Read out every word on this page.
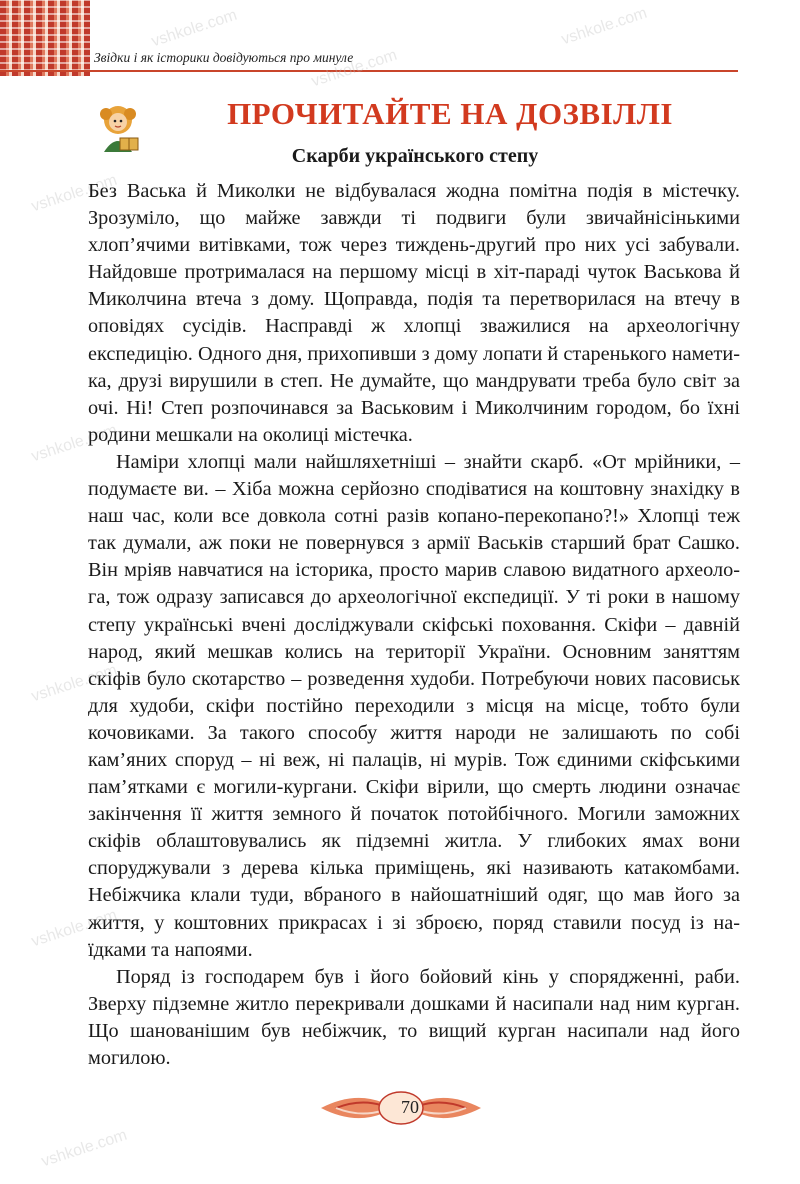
Звідки і як історики довідуються про минуле
vshkole.com	vshkole.com
vshkole.com
vshkole.com
vshkole.com
vshkole.com
vshkole.com
vshkole.com
ПРОЧИТАЙТЕ НА ДОЗВІЛЛІ
Скарби українського степу

Без Васька й Миколки не відбувалася жодна помітна подія в містечку. Зрозуміло, що майже завжди ті подвиги були звичайнісінькими хлоп’ячими витівками, тож через тиждень-другий про них усі забували. Найдовше протрималася на першому місці в хіт-параді чуток Васькова й Миколчина втеча з дому. Щоправда, подія та перетворилася на втечу в оповідях сусідів. Насправді ж хлопці зважилися на археологічну експедицію. Одного дня, прихопивши з дому лопати й старенького наметика, друзі вирушили в степ. Не думайте, що мандрувати треба було світ за очі. Ні! Степ розпочинався за Васьковим і Миколчиним городом, бо їхні родини мешкали на околиці містечка.

Наміри хлопці мали найшляхетніші – знайти скарб. «От мрійники, – подумаєте ви. – Хіба можна серйозно сподіватися на коштовну знахідку в наш час, коли все довкола сотні разів копано-перекопано?!» Хлопці теж так думали, аж поки не повернувся з армії Васьків старший брат Сашко. Він мріяв навчатися на історика, просто марив славою видатного археолога, тож одразу записався до археологічної експедиції. У ті роки в нашому степу українські вчені досліджували скіфські поховання. Скіфи – давній народ, який мешкав колись на території України. Основним заняттям скіфів було скотарство – розведення худоби. Потребуючи нових пасовиськ для худоби, скіфи постійно переходили з місця на місце, тобто були кочовиками. За такого способу життя народи не залишають по собі кам’яних споруд – ні веж, ні палаців, ні мурів. Тож єдиними скіфськими пам’ятками є могили-кургани. Скіфи вірили, що смерть людини означає закінчення її життя земного й початок потойбічного. Могили заможних скіфів облаштовувались як підземні житла. У глибоких ямах вони споруджували з дерева кілька приміщень, які називають катакомбами. Небіжчика клали туди, вбраного в найошатніший одяг, що мав його за життя, у коштовних прикрасах і зі зброєю, поряд ставили посуд із наїдками та напоями.

Поряд із господарем був і його бойовий кінь у спорядженні, раби. Зверху підземне житло перекривали дошками й насипали над ним курган. Що шанованішим був небіжчик, то вищий курган насипали над його могилою.

70
